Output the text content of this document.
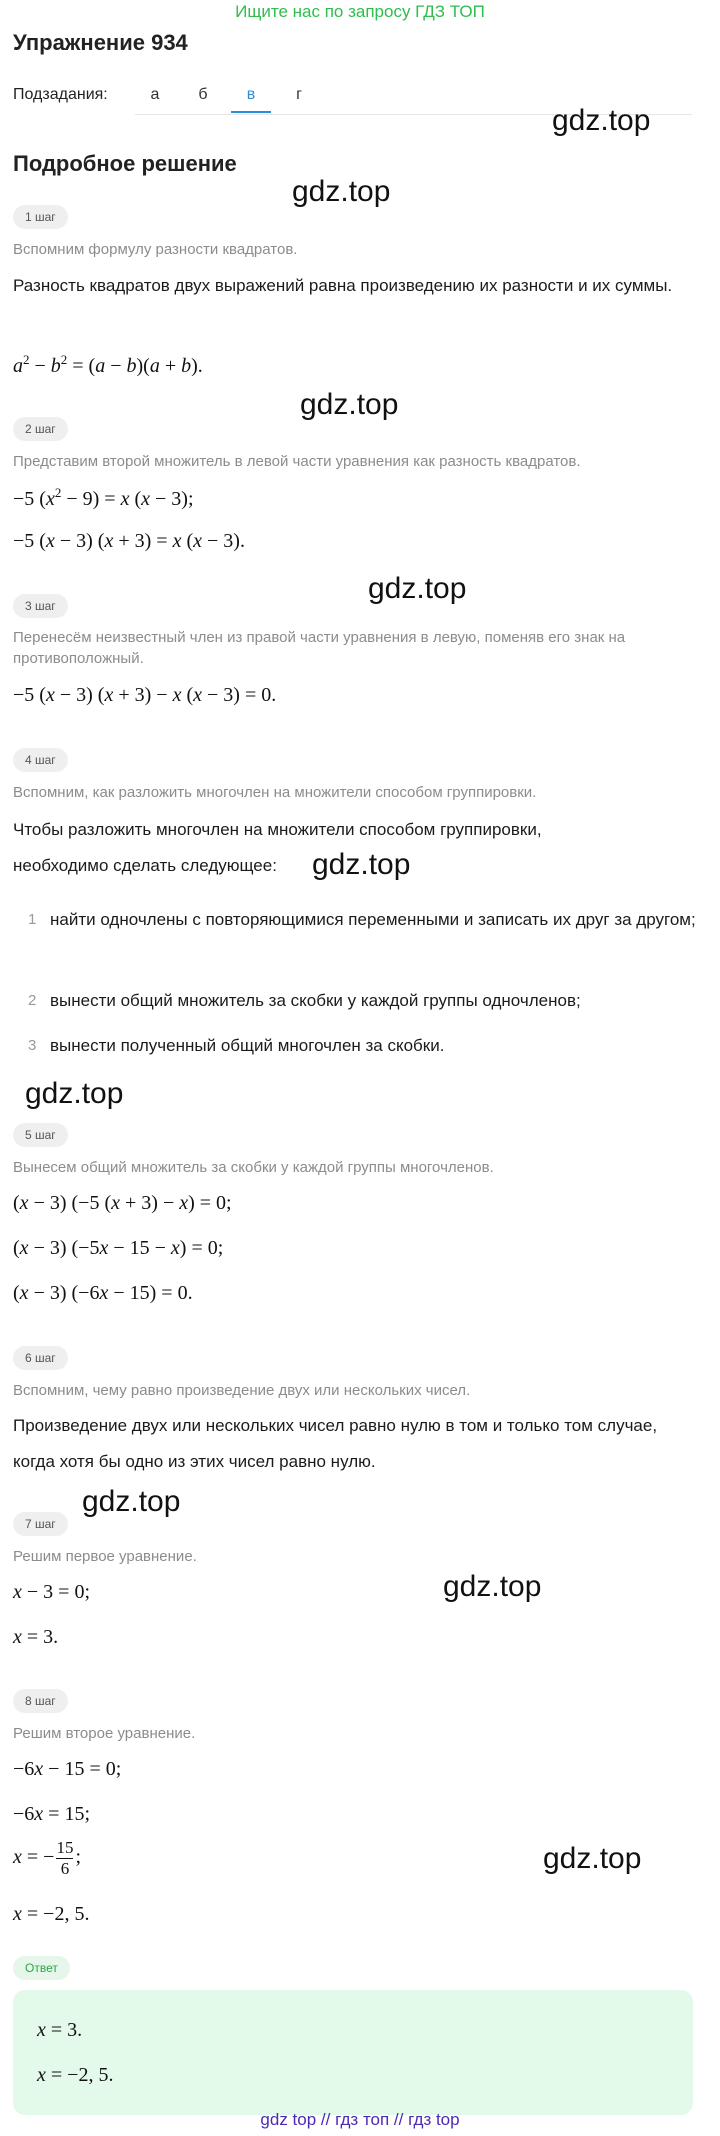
Ищите нас по запросу ГДЗ ТОП
Упражнение 934
Подзадания:	а	б	в	г
Подробное решение
gdz.top
gdz.top
gdz.top
gdz.top
gdz.top
gdz.top
gdz.top
gdz.top
gdz.top
1 шаг
Вспомним формулу разности квадратов.
Разность квадратов двух выражений равна произведению их разности и их суммы.
$a^2 - b^2 = (a - b)(a + b)$.
2 шаг
Представим второй множитель в левой части уравнения как разность квадратов.
−5 $(x^2 - 9) = x$ (x − 3);
−5 (x − 3) (x + 3) = x (x − 3).
3 шаг
Перенесём неизвестный член из правой части уравнения в левую, поменяв его знак на противоположный.
−5 (x − 3) (x + 3) − x (x − 3) = 0.
4 шаг
Вспомним, как разложить многочлен на множители способом группировки.
Чтобы разложить многочлен на множители способом группировки, необходимо сделать следующее:
1 найти одночлены с повторяющимися переменными и записать их друг за другом;
2 вынести общий множитель за скобки у каждой группы одночленов;
3 вынести полученный общий многочлен за скобки.
5 шаг
Вынесем общий множитель за скобки у каждой группы многочленов.
(x − 3) (−5 (x + 3) − x) = 0;
(x − 3) (−5x − 15 − x) = 0;
(x − 3) (−6x − 15) = 0.
6 шаг
Вспомним, чему равно произведение двух или нескольких чисел.
Произведение двух или нескольких чисел равно нулю в том и только том случае, когда хотя бы одно из этих чисел равно нулю.
7 шаг
Решим первое уравнение.
x − 3 = 0;
x = 3.
8 шаг
Решим второе уравнение.
−6x − 15 = 0;
−6x = 15;
x = − $\frac{15}{6}$ ;
x = −2, 5.
Ответ
x = 3.
x = −2, 5.
gdz top // гдз топ // гдз top
